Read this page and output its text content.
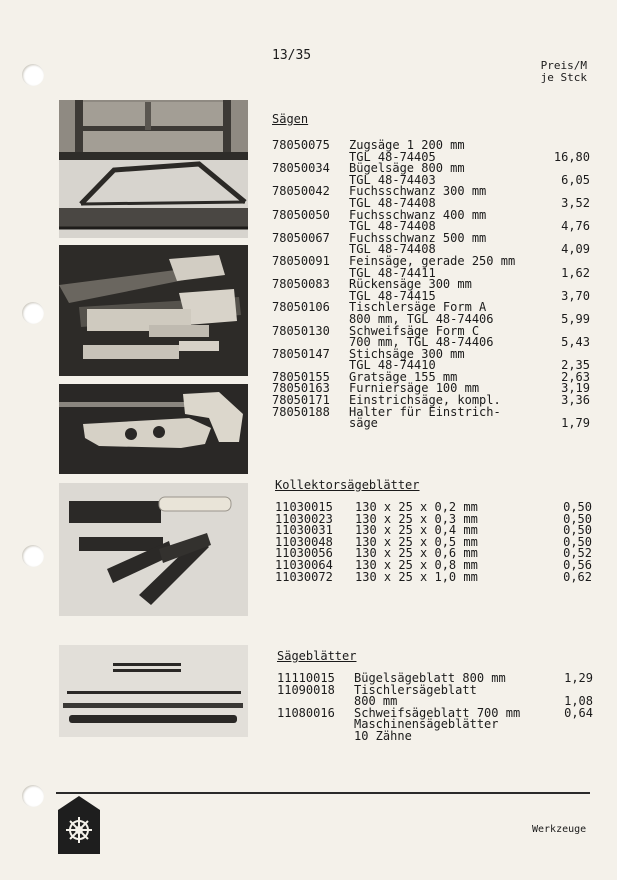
13/35
Preis/M
je Stck
Sägen
78050075 Zugsäge 1 200 mm
TGL 48-74405	16,80
78050034 Bügelsäge 800 mm
TGL 48-74403	6,05
78050042 Fuchsschwanz 300 mm
TGL 48-74408	3,52
78050050 Fuchsschwanz 400 mm
TGL 48-74408	4,76
78050067 Fuchsschwanz 500 mm
TGL 48-74408	4,09
78050091 Feinsäge, gerade 250 mm
TGL 48-74411	1,62
78050083 Rückensäge 300 mm
TGL 48-74415	3,70
78050106 Tischlersäge Form A
800 mm, TGL 48-74406	5,99
78050130 Schweifsäge Form C
700 mm, TGL 48-74406	5,43
78050147 Stichsäge 300 mm
TGL 48-74410	2,35
78050155 Gratsäge 155 mm	2,63
78050163 Furniersäge 100 mm	3,19
78050171 Einstrichsäge, kompl.	3,36
78050188 Halter für Einstrich-
säge	1,79
Kollektorsägeblätter
11030015 130 x 25 x 0,2 mm	0,50
11030023 130 x 25 x 0,3 mm	0,50
11030031 130 x 25 x 0,4 mm	0,50
11030048 130 x 25 x 0,5 mm	0,50
11030056 130 x 25 x 0,6 mm	0,52
11030064 130 x 25 x 0,8 mm	0,56
11030072 130 x 25 x 1,0 mm	0,62
Sägeblätter
11110015 Bügelsägeblatt 800 mm	1,29
11090018 Tischlersägeblatt
800 mm	1,08
11080016 Schweifsägeblatt 700 mm	0,64
Maschinensägeblätter
10 Zähne
Werkzeuge
